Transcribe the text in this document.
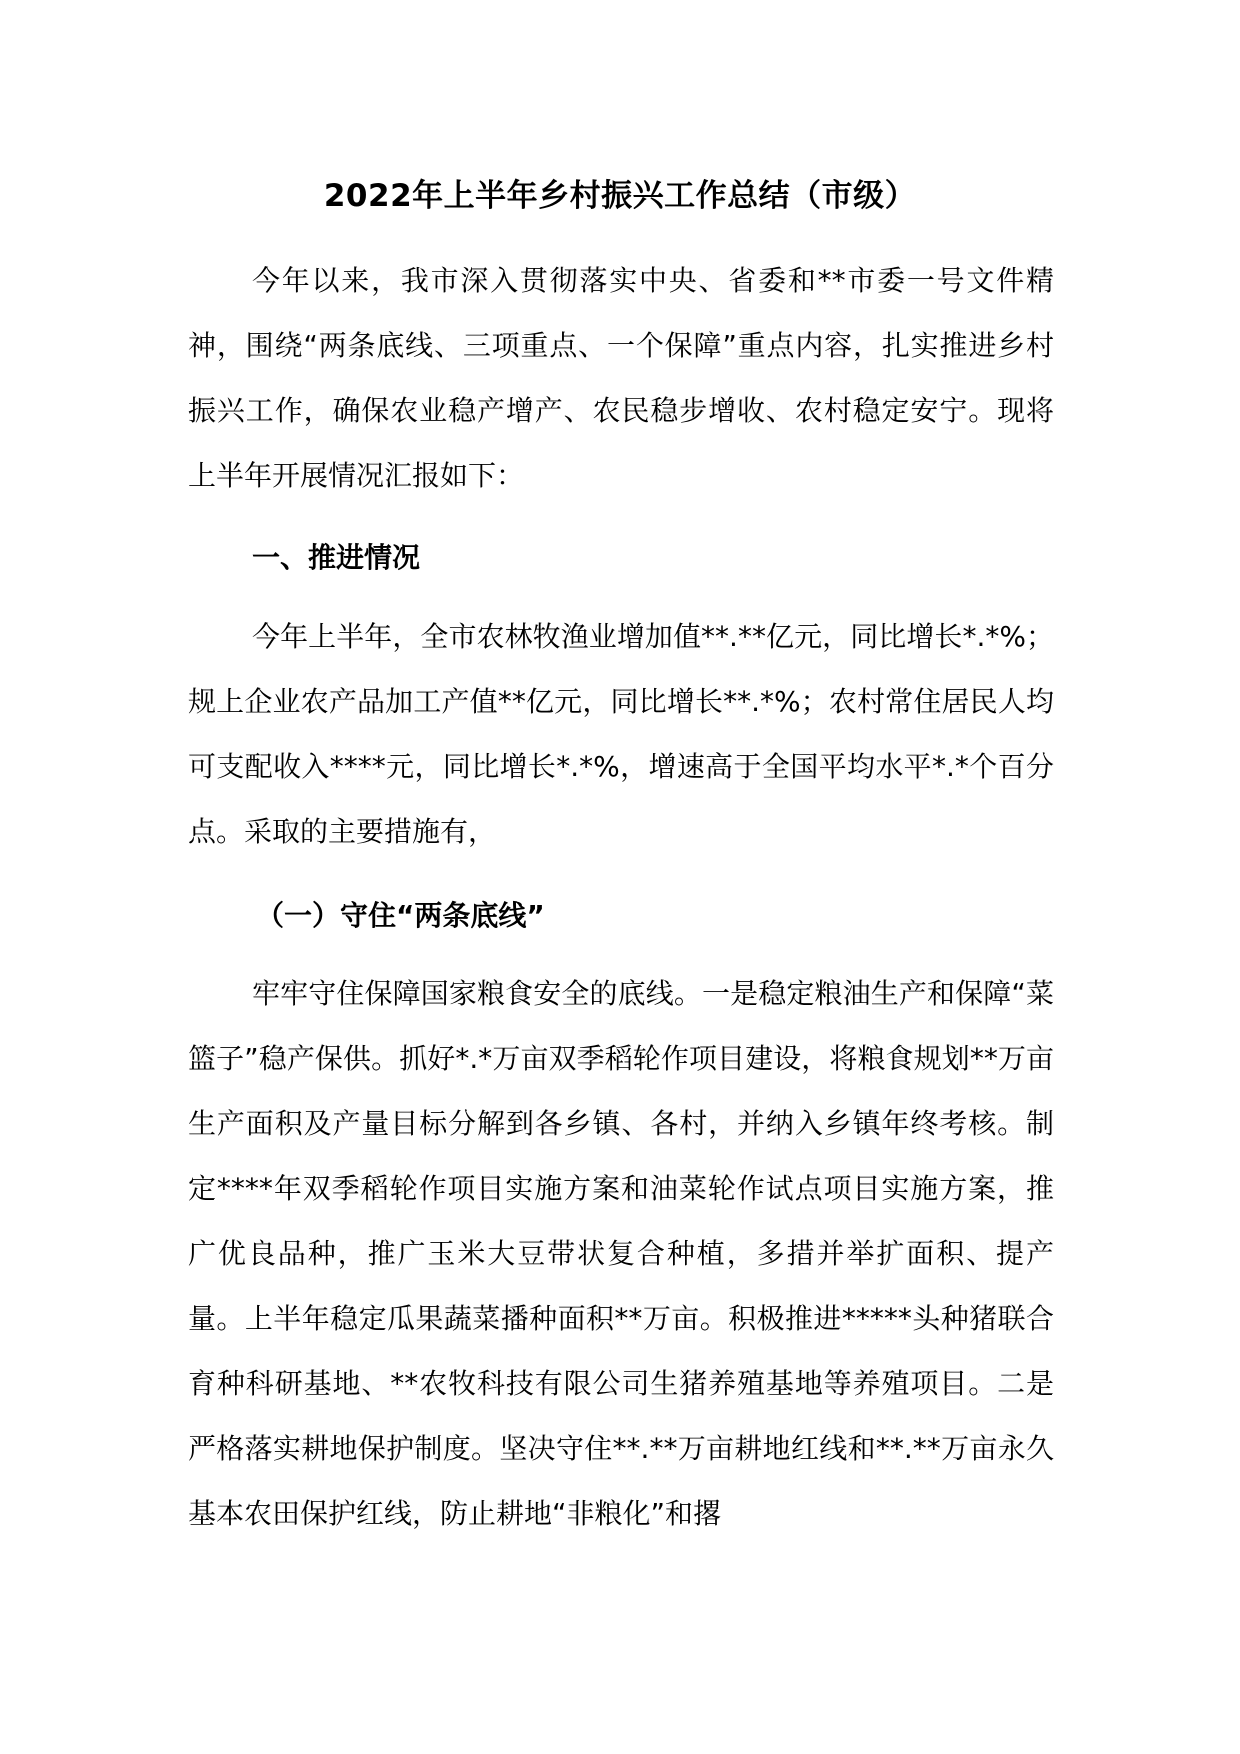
2022年上半年乡村振兴工作总结（市级）

今年以来，我市深入贯彻落实中央、省委和**市委一号文件精神，围绕“两条底线、三项重点、一个保障”重点内容，扎实推进乡村振兴工作，确保农业稳产增产、农民稳步增收、农村稳定安宁。现将上半年开展情况汇报如下：

一、推进情况

今年上半年，全市农林牧渔业增加值**.**亿元，同比增长*.*%；规上企业农产品加工产值**亿元，同比增长**.*%；农村常住居民人均可支配收入****元，同比增长*.*%，增速高于全国平均水平*.*个百分点。采取的主要措施有，

（一）守住“两条底线”

牢牢守住保障国家粮食安全的底线。一是稳定粮油生产和保障“菜篮子”稳产保供。抓好*.*万亩双季稻轮作项目建设，将粮食规划**万亩生产面积及产量目标分解到各乡镇、各村，并纳入乡镇年终考核。制定****年双季稻轮作项目实施方案和油菜轮作试点项目实施方案，推广优良品种，推广玉米大豆带状复合种植，多措并举扩面积、提产量。上半年稳定瓜果蔬菜播种面积**万亩。积极推进*****头种猪联合育种科研基地、**农牧科技有限公司生猪养殖基地等养殖项目。二是严格落实耕地保护制度。坚决守住**.**万亩耕地红线和**.**万亩永久基本农田保护红线，防止耕地“非粮化”和撂
